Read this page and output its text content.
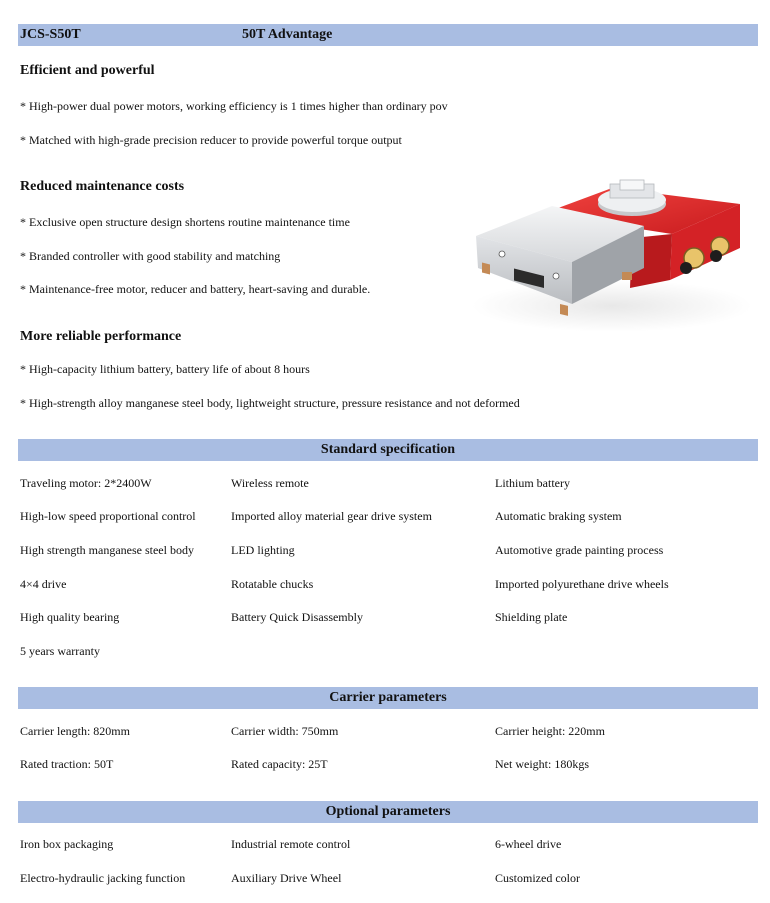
JCS-S50T	50T Advantage
Efficient and powerful
* High-power dual power motors, working efficiency is 1 times higher than ordinary pov
* Matched with high-grade precision reducer to provide powerful torque output
Reduced maintenance costs
* Exclusive open structure design shortens routine maintenance time
* Branded controller with good stability and matching
* Maintenance-free motor, reducer and battery, heart-saving and durable.
More reliable performance
* High-capacity lithium battery, battery life of about 8 hours
* High-strength alloy manganese steel body, lightweight structure, pressure resistance and not deformed
Standard specification
Traveling motor: 2*2400W	Wireless remote	Lithium battery
High-low speed proportional control	Imported alloy material gear drive system	Automatic braking system
High strength manganese steel body	LED lighting	Automotive grade painting process
4×4 drive	Rotatable chucks	Imported polyurethane drive wheels
High quality bearing	Battery Quick Disassembly	Shielding plate
5 years warranty
Carrier parameters
Carrier length: 820mm	Carrier width: 750mm	Carrier height: 220mm
Rated traction: 50T	Rated capacity: 25T	Net weight: 180kgs
Optional parameters
Iron box packaging	Industrial remote control	6-wheel drive
Electro-hydraulic jacking function	Auxiliary Drive Wheel	Customized color
